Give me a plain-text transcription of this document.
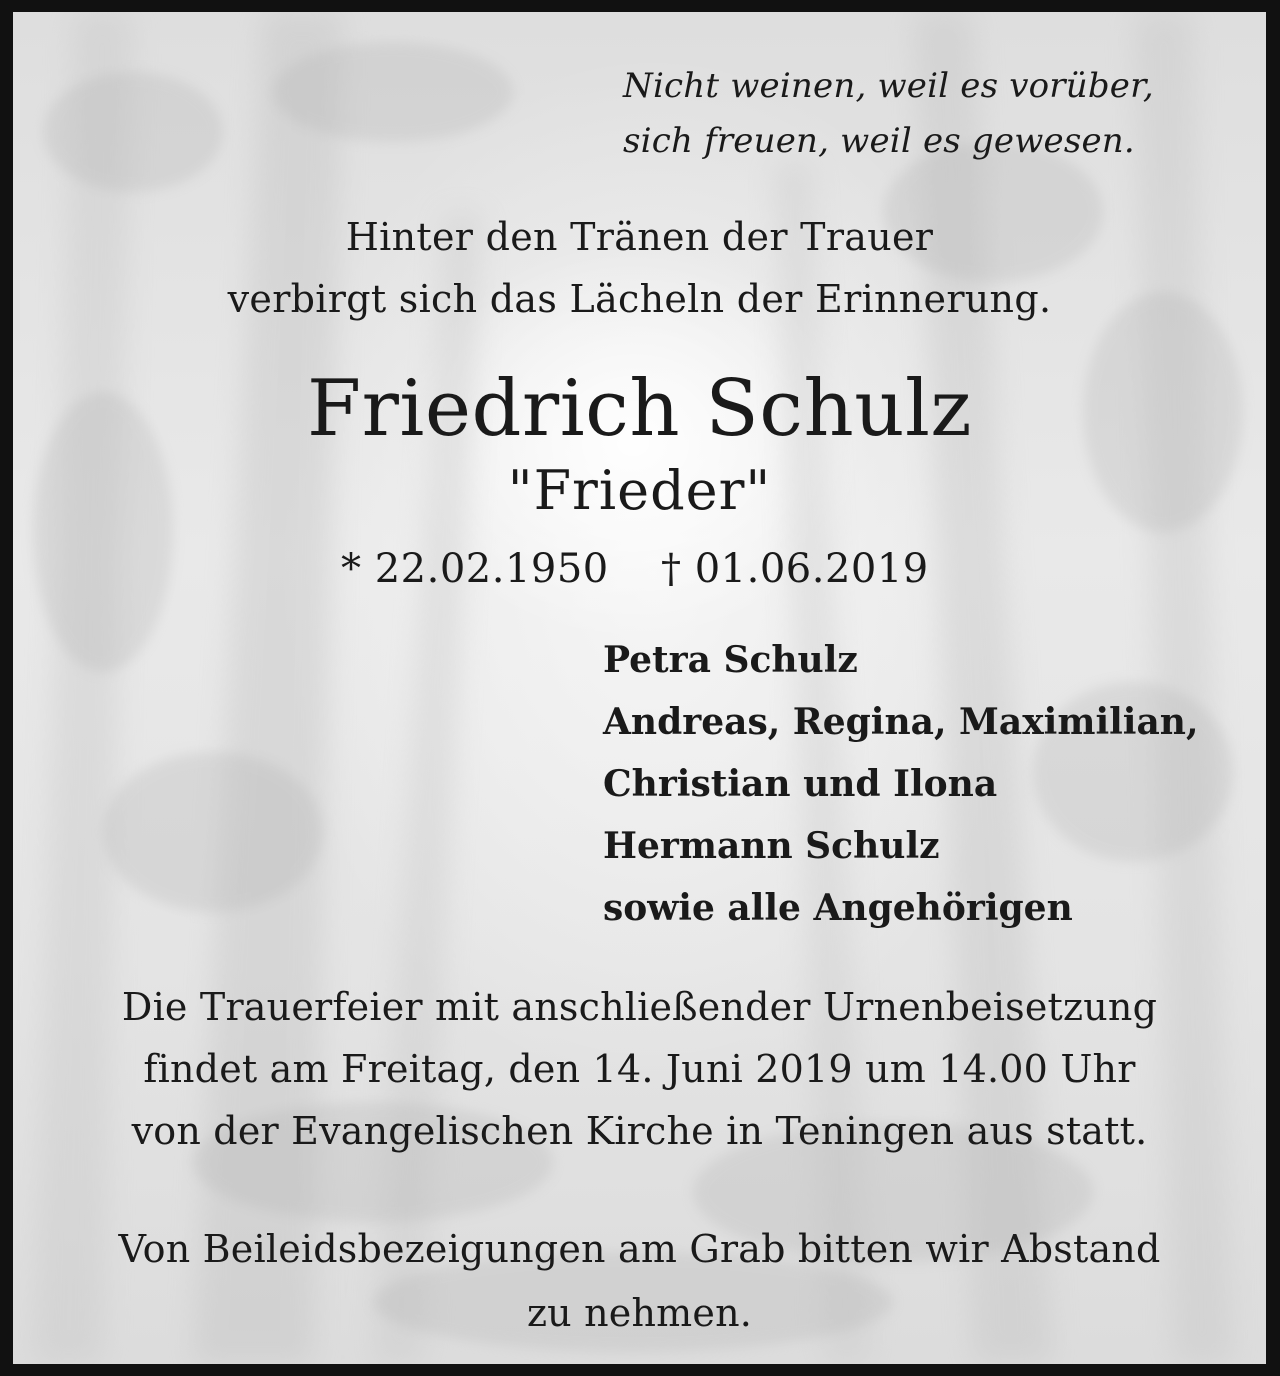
Nicht weinen, weil es vorüber,
sich freuen, weil es gewesen.
Hinter den Tränen der Trauer
verbirgt sich das Lächeln der Erinnerung.
Friedrich Schulz
"Frieder"
* 22.02.1950 † 01.06.2019
Petra Schulz
Andreas, Regina, Maximilian,
Christian und Ilona
Hermann Schulz
sowie alle Angehörigen
Die Trauerfeier mit anschließender Urnenbeisetzung
findet am Freitag, den 14. Juni 2019 um 14.00 Uhr
von der Evangelischen Kirche in Teningen aus statt.
Von Beileidsbezeigungen am Grab bitten wir Abstand
zu nehmen.
